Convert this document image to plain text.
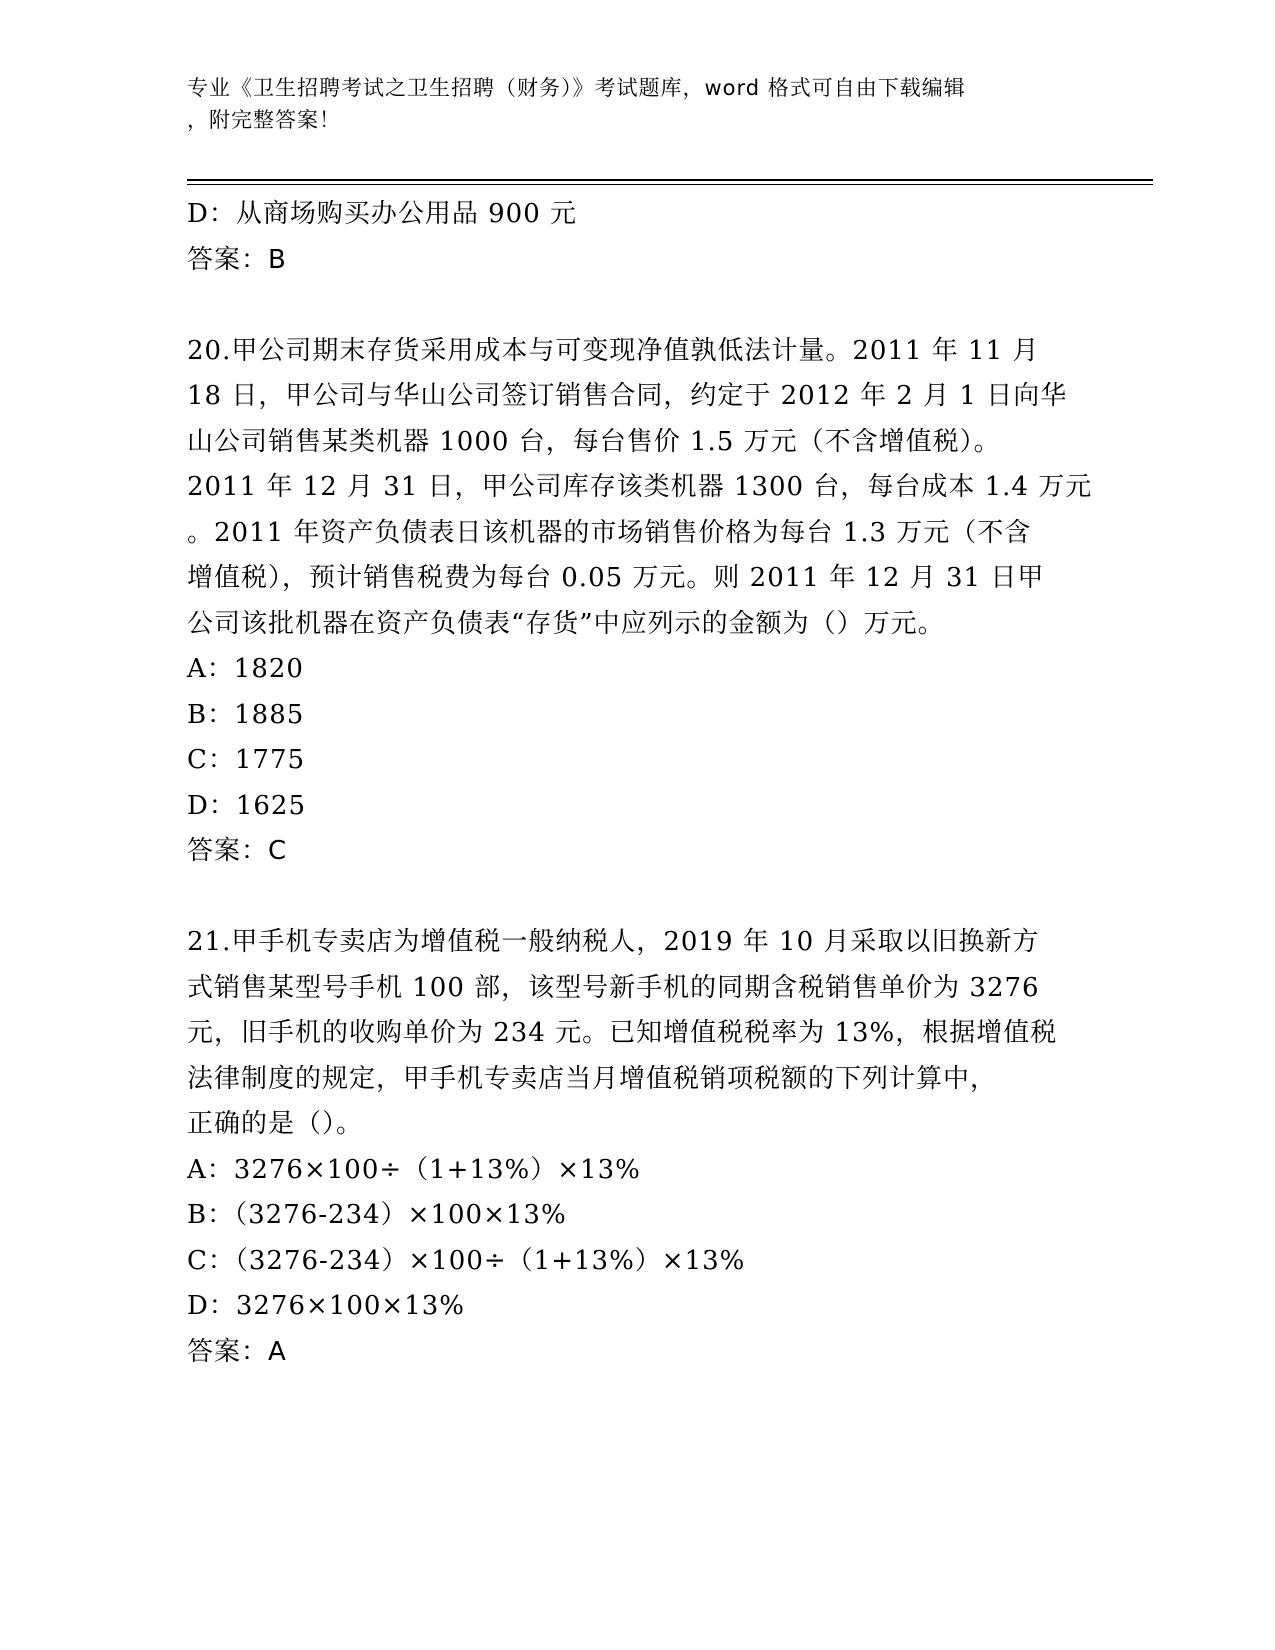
专业《卫生招聘考试之卫生招聘（财务）》考试题库，word 格式可自由下载编辑
，附完整答案！
D：从商场购买办公用品 900 元
答案：B
20.甲公司期末存货采用成本与可变现净值孰低法计量。2011 年 11 月
18 日，甲公司与华山公司签订销售合同，约定于 2012 年 2 月 1 日向华
山公司销售某类机器 1000 台，每台售价 1.5 万元（不含增值税）。
2011 年 12 月 31 日，甲公司库存该类机器 1300 台，每台成本 1.4 万元
。2011 年资产负债表日该机器的市场销售价格为每台 1.3 万元（不含
增值税），预计销售税费为每台 0.05 万元。则 2011 年 12 月 31 日甲
公司该批机器在资产负债表“存货”中应列示的金额为（）万元。
A：1820
B：1885
C：1775
D：1625
答案：C
21.甲手机专卖店为增值税一般纳税人，2019 年 10 月采取以旧换新方
式销售某型号手机 100 部，该型号新手机的同期含税销售单价为 3276
元，旧手机的收购单价为 234 元。已知增值税税率为 13%，根据增值税
法律制度的规定，甲手机专卖店当月增值税销项税额的下列计算中，
正确的是（）。
A：3276×100÷（1+13%）×13%
B：（3276-234）×100×13%
C：（3276-234）×100÷（1+13%）×13%
D：3276×100×13%
答案：A
